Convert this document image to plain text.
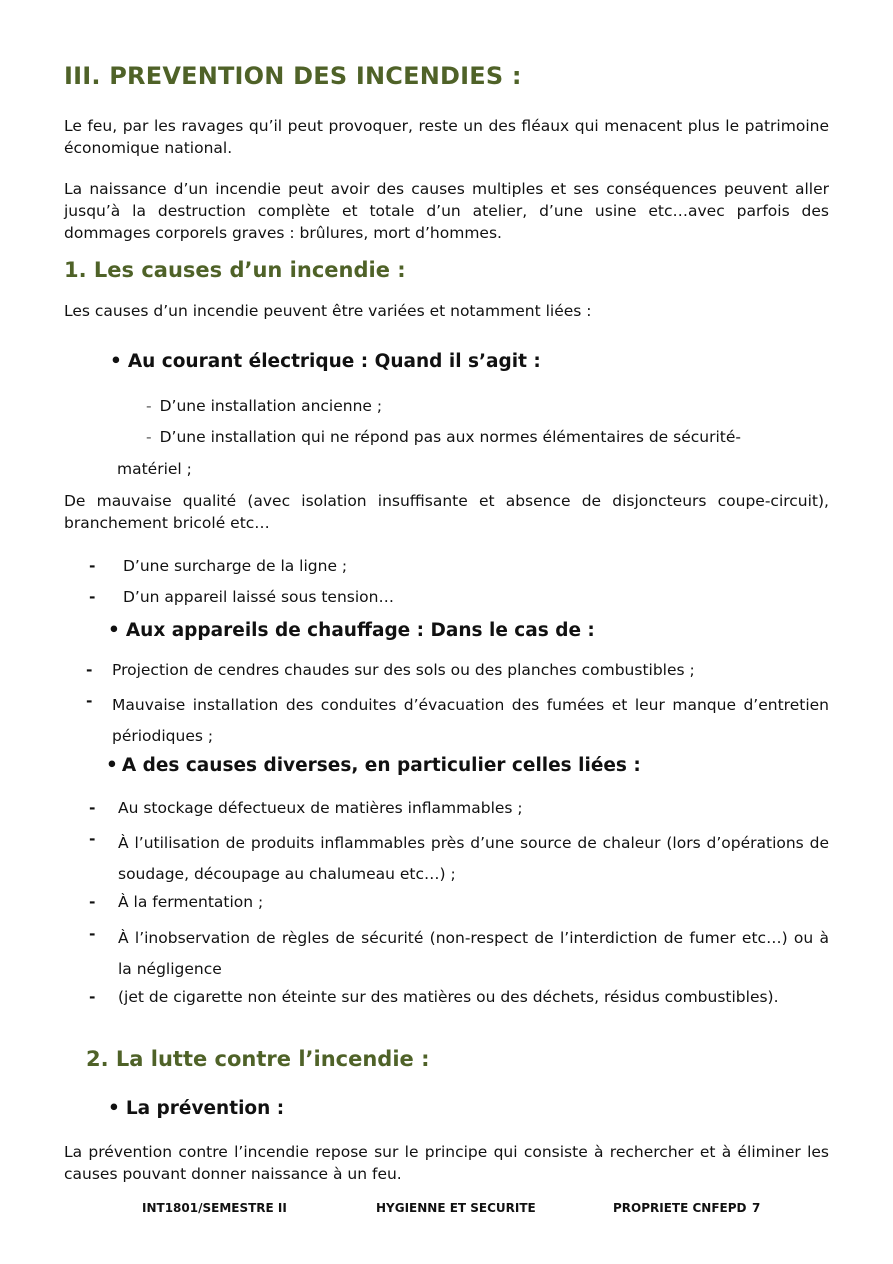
III. PREVENTION DES INCENDIES :
Le feu, par les ravages qu’il peut provoquer, reste un des fléaux qui menacent plus le patrimoine économique national.
La naissance d’un incendie peut avoir des causes multiples et ses conséquences peuvent aller jusqu’à la destruction complète et totale d’un atelier, d’une usine etc…avec parfois des dommages corporels graves : brûlures, mort d’hommes.
1. Les causes d’un incendie :
Les causes d’un incendie peuvent être variées et notamment liées :
• Au courant électrique : Quand il s’agit :
- D’une installation ancienne ;
- D’une installation qui ne répond pas aux normes élémentaires de sécurité-
matériel ;
De mauvaise qualité (avec isolation insuffisante et absence de disjoncteurs coupe-circuit), branchement bricolé etc…
- D’une surcharge de la ligne ;
- D’un appareil laissé sous tension…
• Aux appareils de chauffage : Dans le cas de :
- Projection de cendres chaudes sur des sols ou des planches combustibles ;
- Mauvaise installation des conduites d’évacuation des fumées et leur manque d’entretien périodiques ;
• A des causes diverses, en particulier celles liées :
- Au stockage défectueux de matières inflammables ;
- À l’utilisation de produits inflammables près d’une source de chaleur (lors d’opérations de soudage, découpage au chalumeau etc…) ;
- À la fermentation ;
- À l’inobservation de règles de sécurité (non-respect de l’interdiction de fumer etc…) ou à la négligence
- (jet de cigarette non éteinte sur des matières ou des déchets, résidus combustibles).
2. La lutte contre l’incendie :
• La prévention :
La prévention contre l’incendie repose sur le principe qui consiste à rechercher et à éliminer les causes pouvant donner naissance à un feu.
INT1801/SEMESTRE II	HYGIENNE ET SECURITE	PROPRIETE CNFEPD 7
